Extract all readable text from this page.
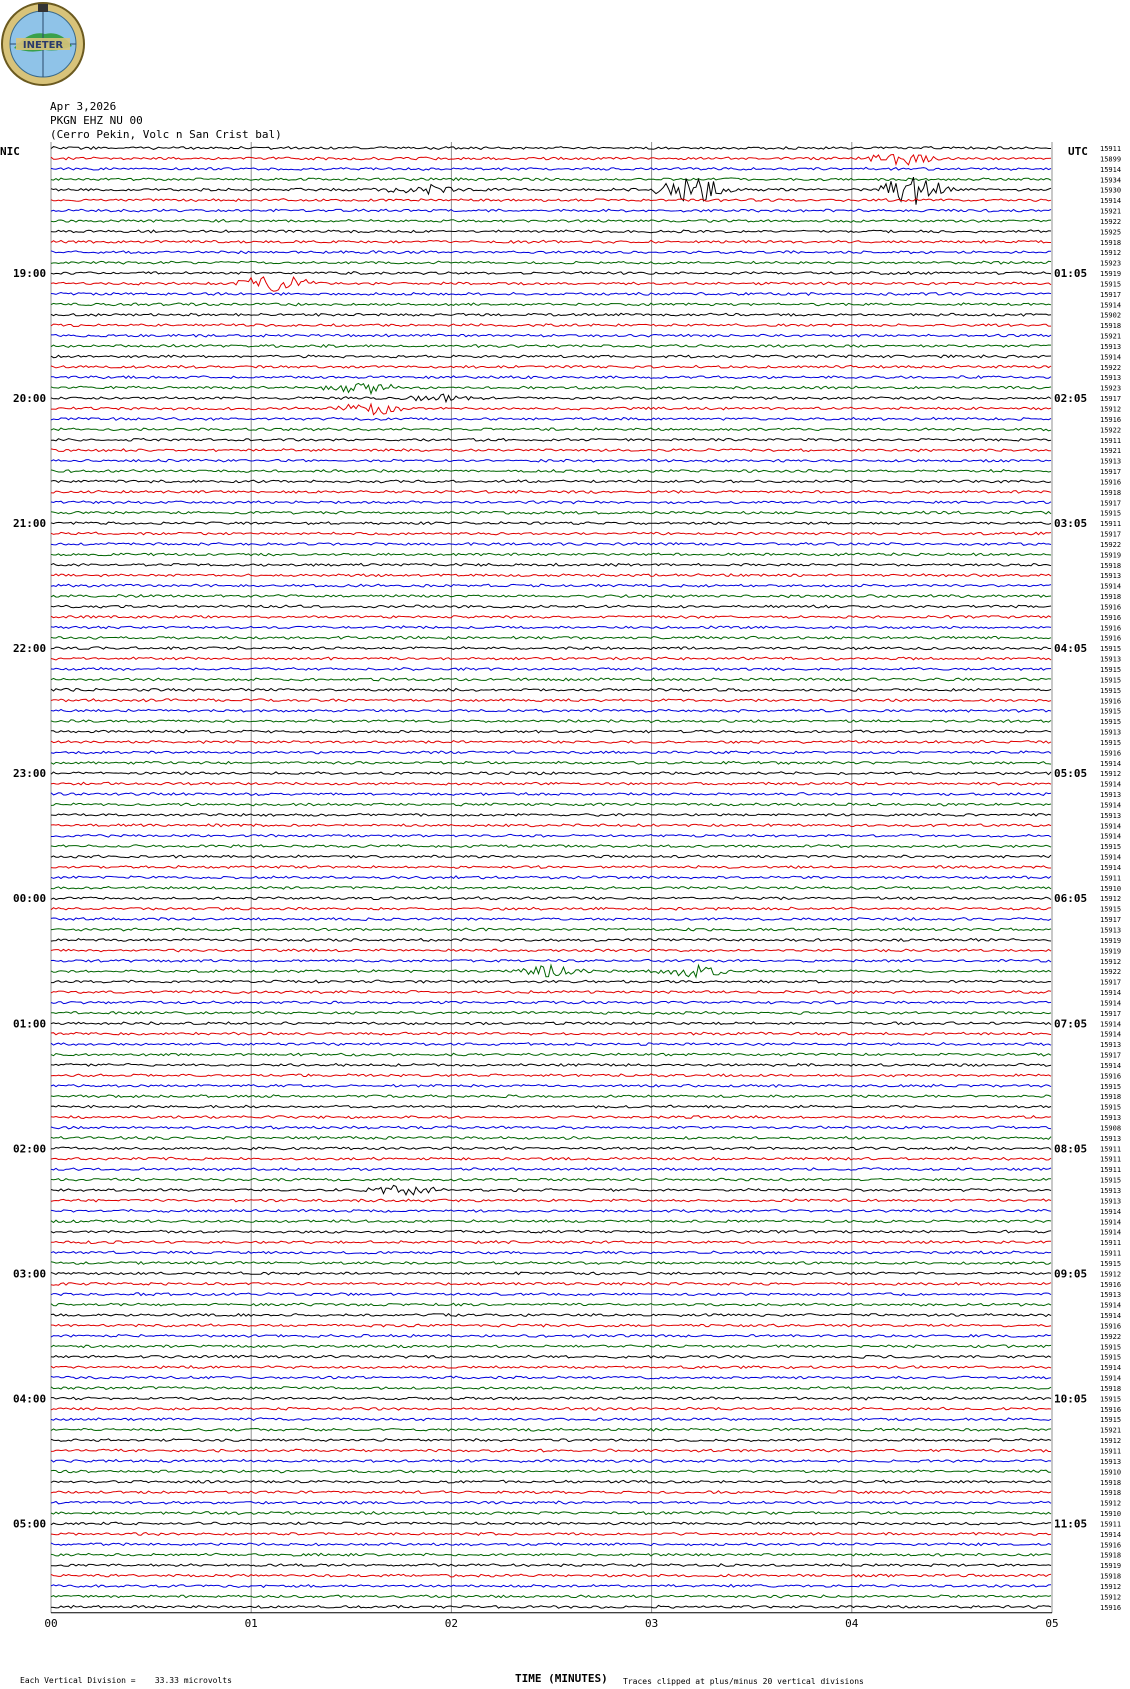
00	01	02	03	04	05
15911
15899
15914
15934
15930
15914
15921
15922
15925
15918
15912
15923
15919
15915
15917
15914
15902
15918
15921
15913
15914
15922
15913
15923
15917
15912
15916
15922
15911
15921
15913
15917
15916
15918
15917
15915
15911
15917
15922
15919
15918
15913
15914
15918
15916
15916
15916
15916
15915
15913
15915
15915
15915
15916
15915
15915
15913
15915
15916
15914
15912
15914
15913
15914
15913
15914
15914
15915
15914
15914
15911
15910
15912
15915
15917
15913
15919
15919
15912
15922
15917
15914
15914
15917
15914
15914
15913
15917
15914
15916
15915
15918
15915
15913
15908
15913
15911
15911
15911
15915
15913
15913
15914
15914
15914
15911
15911
15915
15912
15916
15913
15914
15914
15916
15922
15915
15915
15914
15914
15918
15915
15916
15915
15921
15912
15911
15913
15910
15918
15918
15912
15910
15911
15914
15916
15918
15919
15918
15912
15912
15916
19:00	01:05
20:00	02:05
21:00	03:05
22:00	04:05
23:00	05:05
00:00	06:05
01:00	07:05
02:00	08:05
03:00	09:05
04:00	10:05
05:00	11:05
INETER
Apr 3,2026
PKGN EHZ NU 00
(Cerro Pekin, Volc n San Crist bal)
NIC	UTC
Each Vertical Division =    33.33 microvolts	TIME (MINUTES) Traces clipped at plus/minus 20 vertical divisions
